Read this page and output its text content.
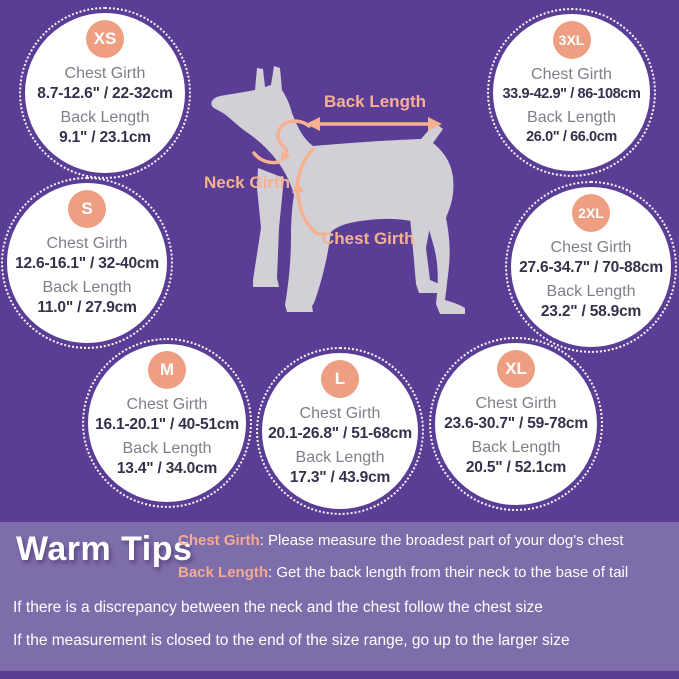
Back Length
Neck Girth
Chest Girth
XS
Chest Girth
8.7-12.6" / 22-32cm
Back Length
9.1" / 23.1cm
S
Chest Girth
12.6-16.1" / 32-40cm
Back Length
11.0" / 27.9cm
M
Chest Girth
16.1-20.1" / 40-51cm
Back Length
13.4" / 34.0cm
L
Chest Girth
20.1-26.8" / 51-68cm
Back Length
17.3" / 43.9cm
XL
Chest Girth
23.6-30.7" / 59-78cm
Back Length
20.5" / 52.1cm
2XL
Chest Girth
27.6-34.7" / 70-88cm
Back Length
23.2" / 58.9cm
3XL
Chest Girth
33.9-42.9" / 86-108cm
Back Length
26.0" / 66.0cm
Warm Tips
Chest Girth: Please measure the broadest part of your dog's chest
Back Length: Get the back length from their neck to the base of tail
If there is a discrepancy between the neck and the chest follow the chest size
If the measurement is closed to the end of the size range, go up to the larger size
